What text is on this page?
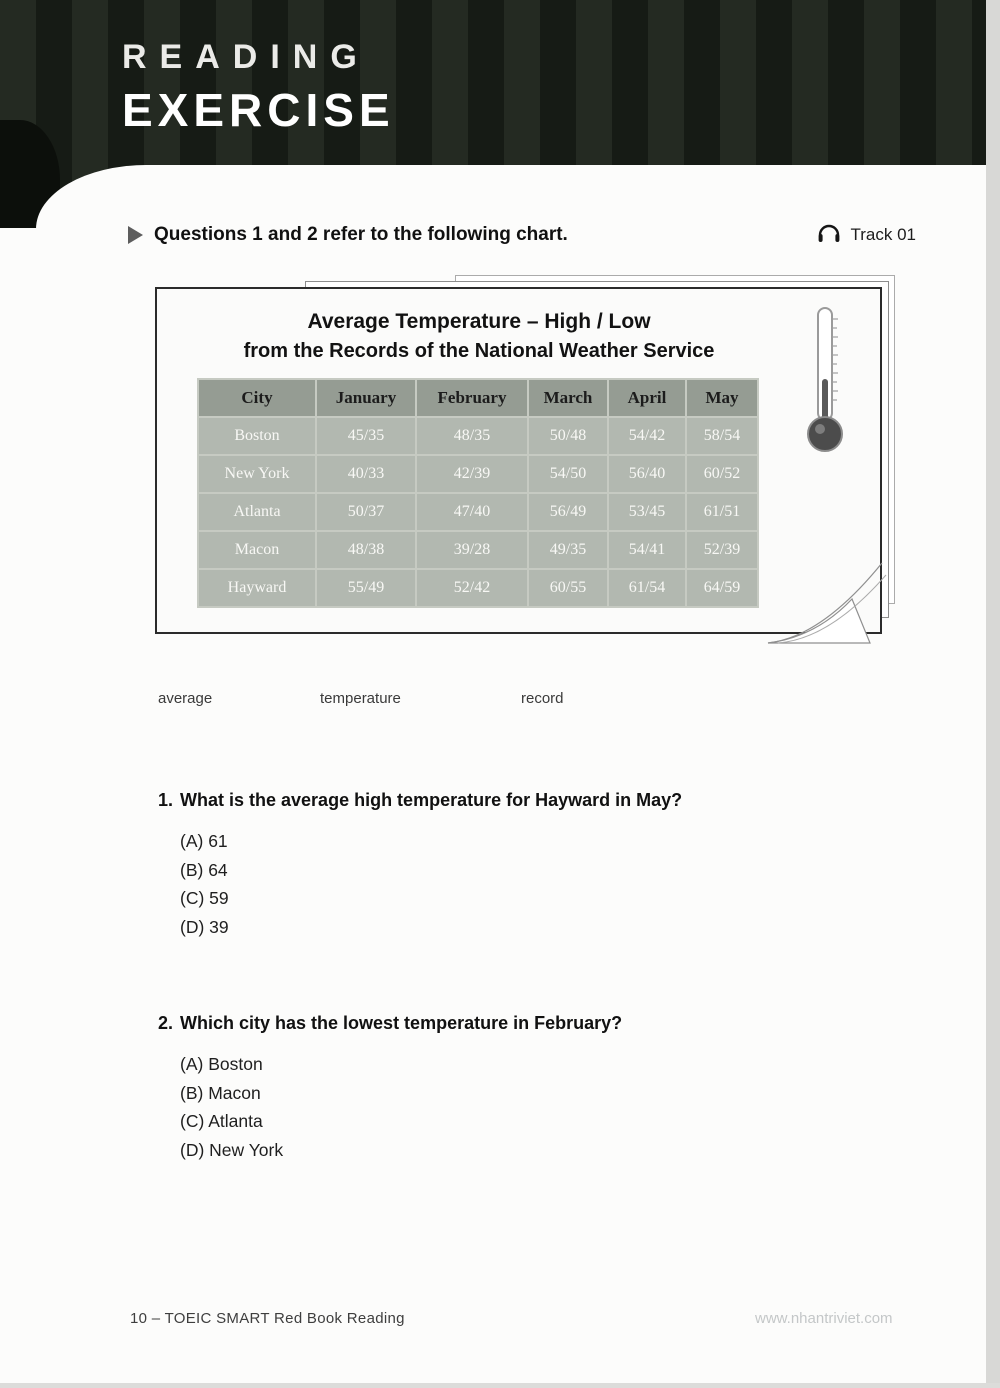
READING
EXERCISE
Questions 1 and 2 refer to the following chart.	Track 01
Average Temperature – High / Low
from the Records of the National Weather Service
City	January	February	March	April	May
Boston	45/35	48/35	50/48	54/42	58/54
New York	40/33	42/39	54/50	56/40	60/52
Atlanta	50/37	47/40	56/49	53/45	61/51
Macon	48/38	39/28	49/35	54/41	52/39
Hayward	55/49	52/42	60/55	61/54	64/59
average	temperature	record
1. What is the average high temperature for Hayward in May?
(A) 61
(B) 64
(C) 59
(D) 39
2. Which city has the lowest temperature in February?
(A) Boston
(B) Macon
(C) Atlanta
(D) New York
10 – TOEIC SMART Red Book Reading	www.nhantriviet.com
